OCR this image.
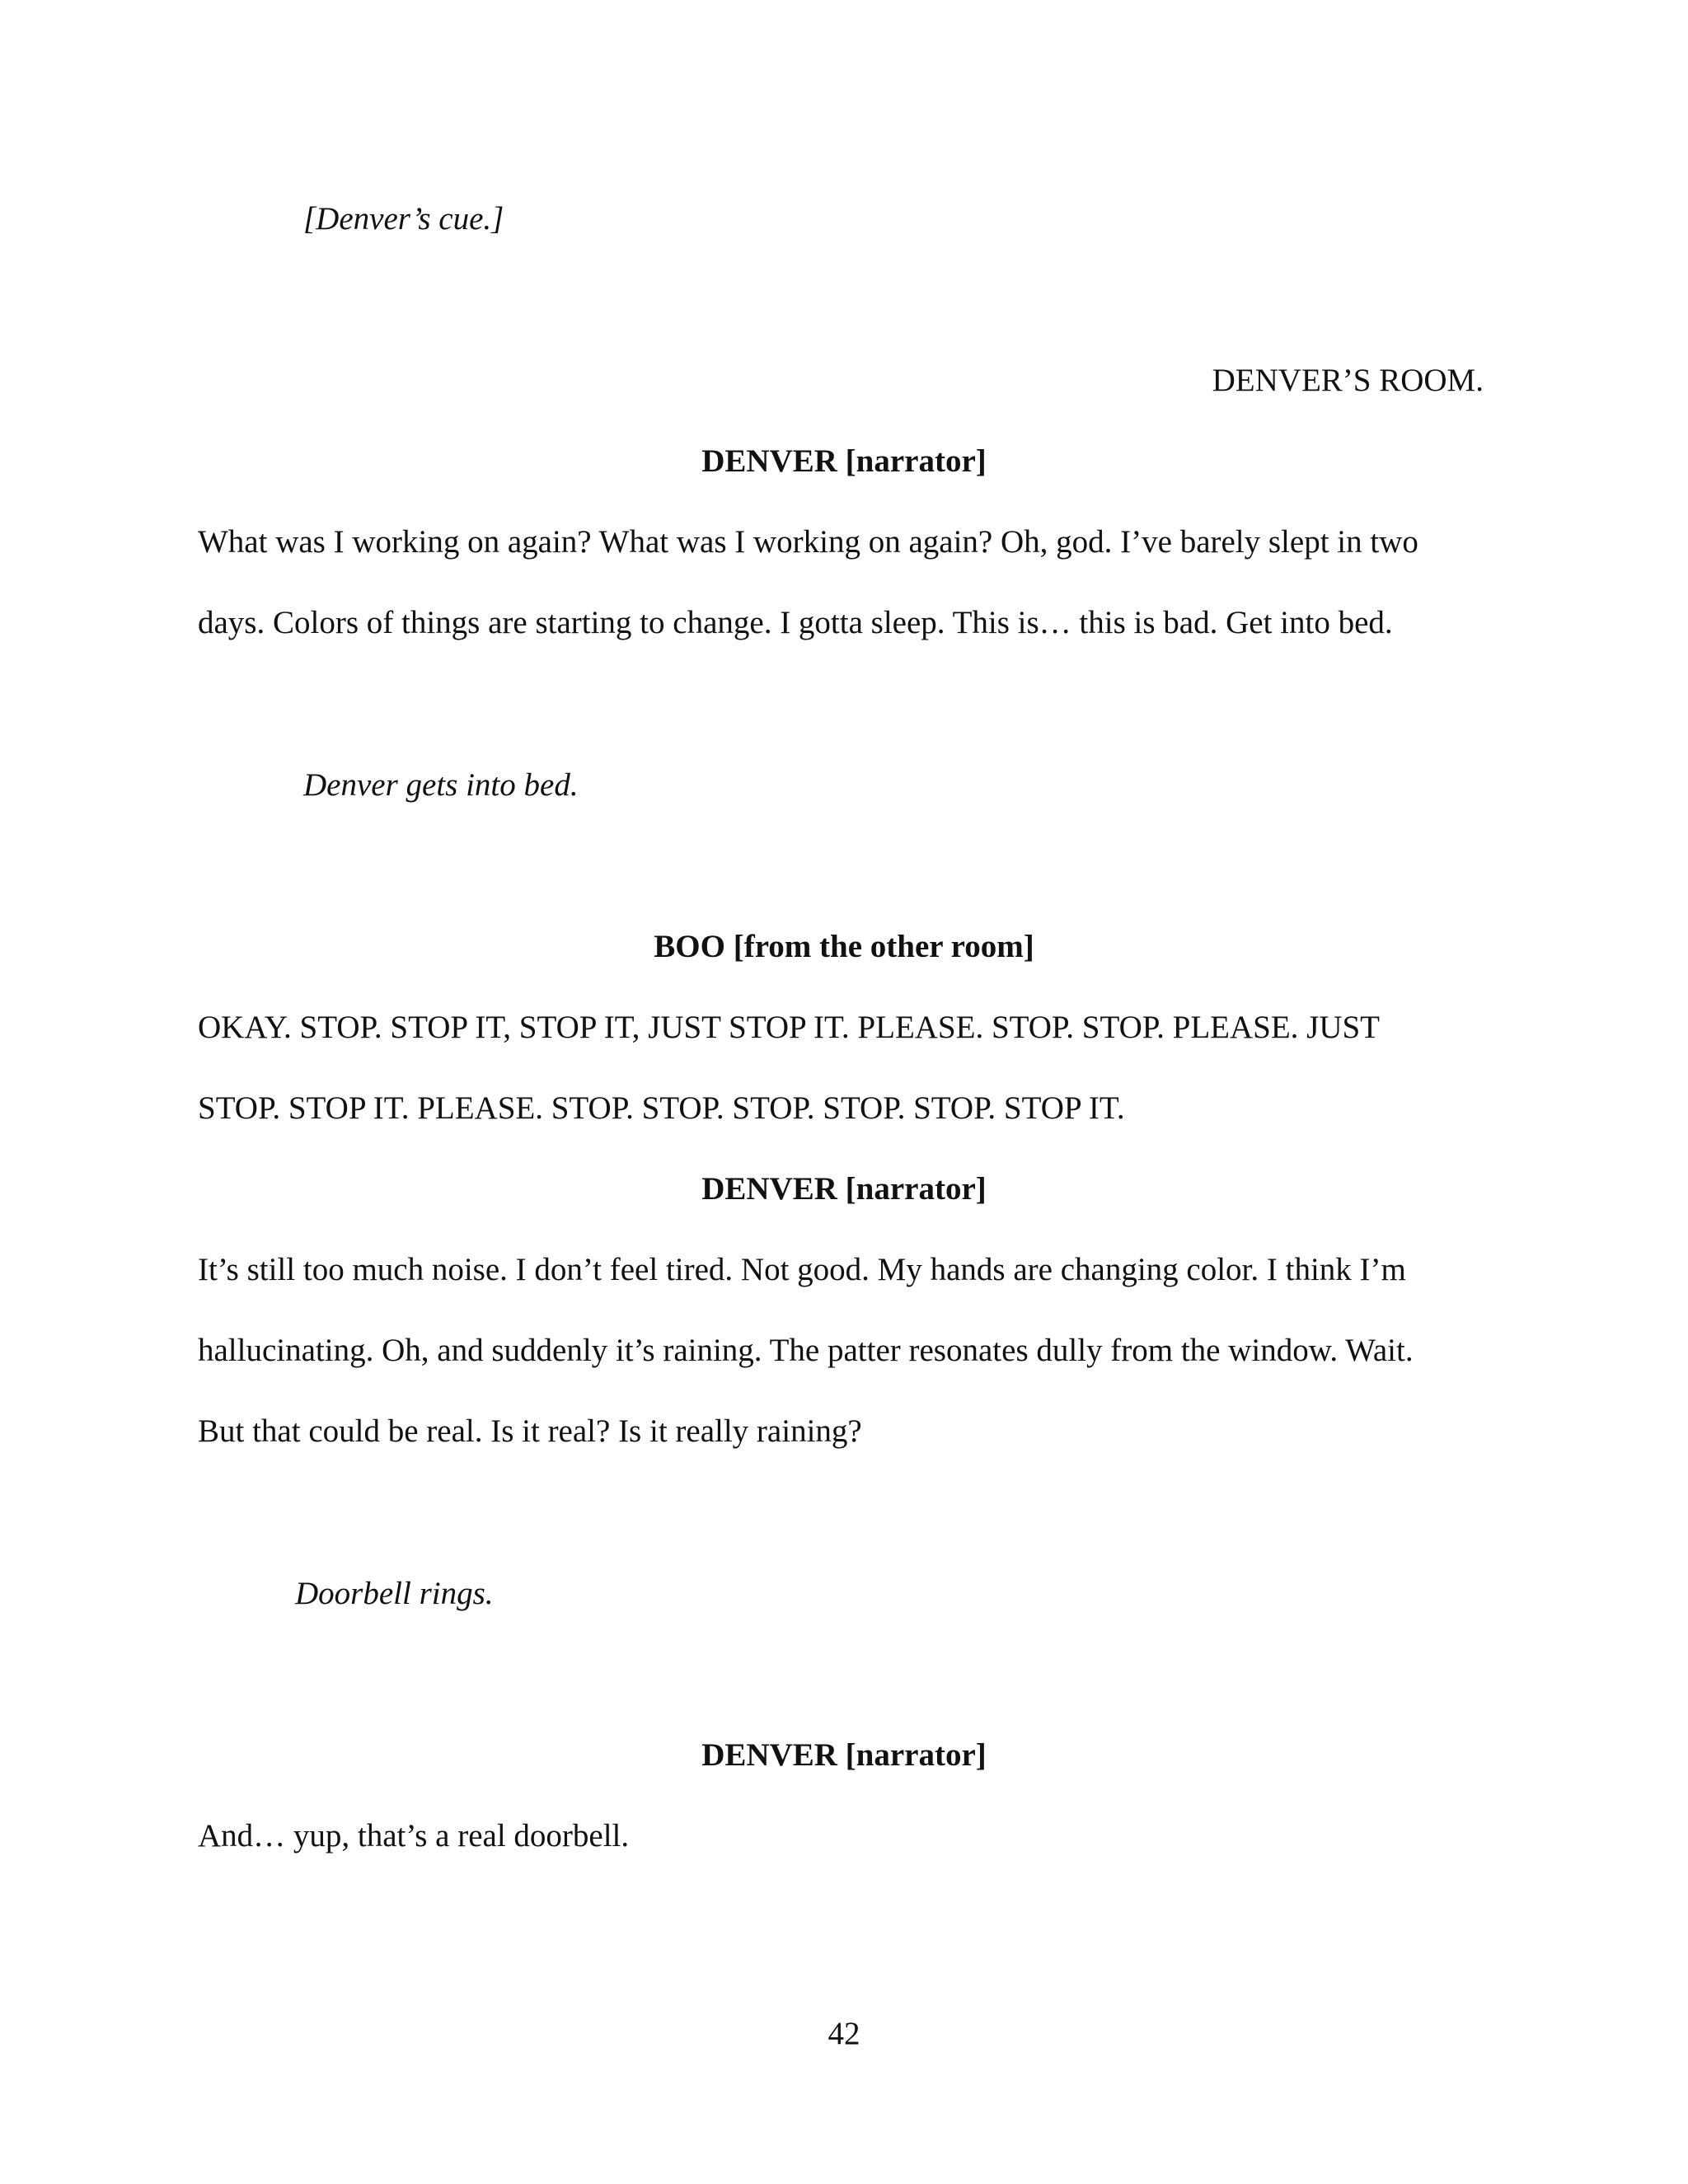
[Denver’s cue.]
DENVER’S ROOM.
DENVER [narrator]
What was I working on again? What was I working on again? Oh, god. I’ve barely slept in two
days. Colors of things are starting to change. I gotta sleep. This is… this is bad. Get into bed.
Denver gets into bed.
BOO [from the other room]
OKAY. STOP. STOP IT, STOP IT, JUST STOP IT. PLEASE. STOP. STOP. PLEASE. JUST
STOP. STOP IT. PLEASE. STOP. STOP. STOP. STOP. STOP. STOP IT.
DENVER [narrator]
It’s still too much noise. I don’t feel tired. Not good. My hands are changing color. I think I’m
hallucinating. Oh, and suddenly it’s raining. The patter resonates dully from the window. Wait.
But that could be real. Is it real? Is it really raining?
Doorbell rings.
DENVER [narrator]
And… yup, that’s a real doorbell.
42
